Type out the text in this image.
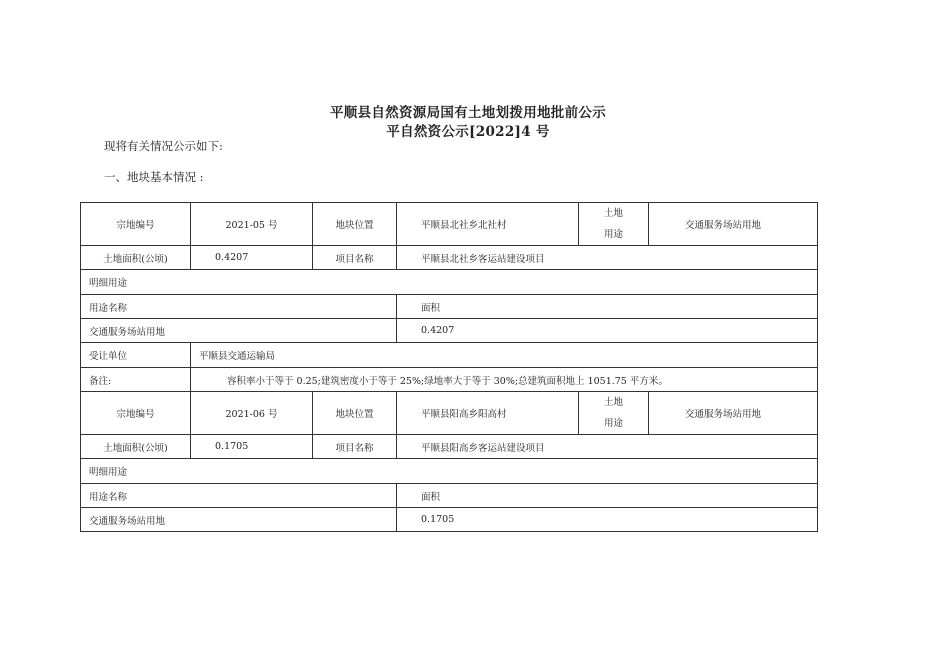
平顺县自然资源局国有土地划拨用地批前公示
平自然资公示[2022]4 号
现将有关情况公示如下:
一、地块基本情况 :
宗地编号	2021-05 号	地块位置	平顺县北社乡北社村	土地
用途	交通服务场站用地
土地面积(公顷)	0.4207	项目名称	平顺县北社乡客运站建设项目		
明细用途					
用途名称			面积		
交通服务场站用地			0.4207		
受让单位	平顺县交通运输局				
备注:	容积率小于等于 0.25;建筑密度小于等于 25%;绿地率大于等于 30%;总建筑面积地上 1051.75 平方米。				
宗地编号	2021-06 号	地块位置	平顺县阳高乡阳高村	土地
用途	交通服务场站用地
土地面积(公顷)	0.1705	项目名称	平顺县阳高乡客运站建设项目		
明细用途					
用途名称			面积		
交通服务场站用地			0.1705		
